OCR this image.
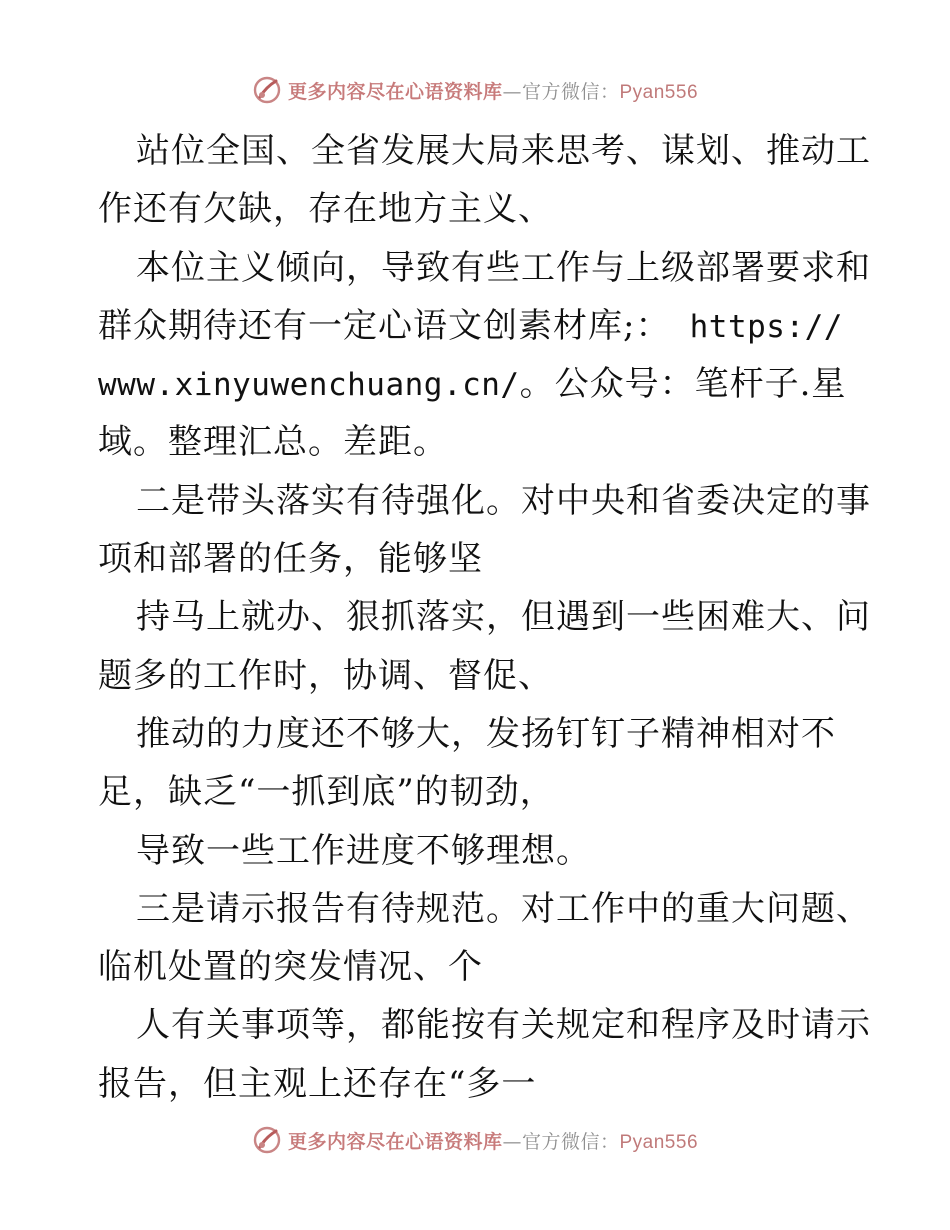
更多内容尽在心语资料库—官方微信：Pyan556
站位全国、全省发展大局来思考、谋划、推动工
作还有欠缺，存在地方主义、
本位主义倾向，导致有些工作与上级部署要求和
群众期待还有一定心语文创素材库;： https://
www.xinyuwenchuang.cn/。公众号：笔杆子.星
域。整理汇总。差距。
二是带头落实有待强化。对中央和省委决定的事
项和部署的任务，能够坚
持马上就办、狠抓落实，但遇到一些困难大、问
题多的工作时，协调、督促、
推动的力度还不够大，发扬钉钉子精神相对不
足，缺乏“一抓到底”的韧劲，
导致一些工作进度不够理想。
三是请示报告有待规范。对工作中的重大问题、
临机处置的突发情况、个
人有关事项等，都能按有关规定和程序及时请示
报告，但主观上还存在“多一
更多内容尽在心语资料库—官方微信：Pyan556
